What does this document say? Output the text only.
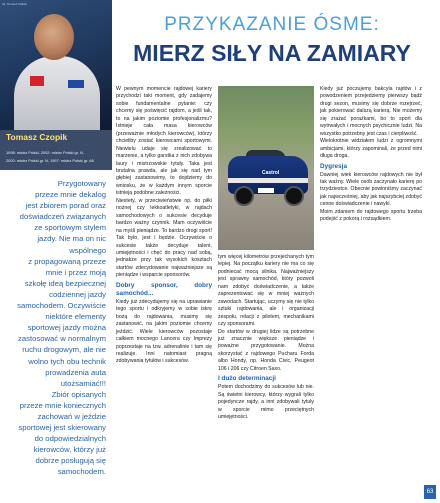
fot. Tomasz Kaliski
Tomasz Czopik
1998: mistrz Polski, 2002: mistrz Polski gr. N,
2000: mistrz Polski gr. N, 1997: mistrz Polski gr. A6
Przygotowany
przeze mnie dekalog
jest zbiorem porad oraz
doświadczeń związanych
ze sportowym stylem
jazdy. Nie ma on nic
wspólnego
z propagowaną przeze
mnie i przez moją
szkołę ideą bezpiecznej
codziennej jazdy
samochodem. Oczywiście
niektóre elementy
sportowej jazdy można
zastosować w normalnym
ruchu drogowym, ale nie
wolno tych obu technik
prowadzenia auta
utożsamiać!!!
Zbiór opisanych
przeze mnie koniecznych
zachowań w jeździe
sportowej jest skierowany
do odpowiedzialnych
kierowców, którzy już
dobrze posługują się
samochodem.
PRZYKAZANIE ÓSME:
MIERZ SIŁY NA ZAMIARY

W pewnym momencie rajdowej kariery przychodzi taki moment, gdy zadajemy sobie fundamentalne pytanie: czy chcemy się poświęcić rajdom, a jeśli tak, to na jakim poziomie profesjonalizmu? Istnieje cała masa kierowców (przeważnie młodych kierowców), którzy chcieliby zostać kierowcami sportowymi. Niewielu udaje się zrealizować to marzenie, a tylko garstka z nich zdobywa laury i mistrzowskie tytuły. Taka jest brutalna prawda, ale jak się nad tym głębiej zastanowimy, to dojdziemy do wniosku, że w każdym innym sporcie istnieją podobne zależności.

Niestety, w przeciwieństwie np. do piłki nożnej czy lekkoatletyki, w rajdach samochodowych o sukcesie decyduje bardzo ważny czynnik. Mam oczywiście na myśli pieniądze. To bardzo drogi sport! Tak było, jest i będzie. Oczywiście o sukcesie także decyduje talent, umiejętności i chęć do pracy nad sobą, jednakże przy tak wysokich kosztach startów zdecydowanie najważniejsze są pieniądze i wsparcie sponsorów.

Dobry sponsor, dobry samochód...

Kiedy już zdecydujemy się na uprawianie tego sportu i odkryjemy w sobie iskrę bożą do rajdowania, musimy się zastanowić, na jakim poziomie chcemy jeździć. Wiele kierowców pozostaje całkiem mocnego Lancera czy Imprezy poprzestaje na tzw. adrenalinie i tam się realizuje. Inni natomiast pragną zdobywania tytułów i sukcesów.

Castrol

tym więcej kilometrów przejechanych tym lepiej. Na początku kariery nie ma co się podniecać mocą silnika. Najważniejszy jest sprawny samochód, który pozwoli nam zdobyć doświadczenie, a także zaprezentować się w mniej ważnych zawodach. Startując, uczymy się nie tylko sztuki rajdowania, ale i organizacji zespołu, relacji z pilotem, mechanikami czy sponsorami.

Do startów w drugiej lidze są potrzebne już znacznie większe pieniądze i poważne przygotowanie. Można skorzystać z rajdowego Pucharu Forda albo Hondy, np. Honda Civic, Peugeot 106 i 206 czy Citroen Saxo.

I dużo determinacji

Potem dochodzimy do sukcesów lub nie. Są świetni kierowcy, którzy wygrali tylko pojedyncze rajdy, a inni zdobywali tytuły w sporcie mimo przeciętnych umiejętności.

Kiedy już poczujemy bakcyla rajdów i z powodzeniem przejedziemy pierwszy bądź drugi sezon, musimy się dobrze rozejrzeć, jak pokierować dalszą karierą. Nie możemy się zrażać porażkami, bo to sport dla wytrwałych i mocnych psychicznie ludzi. Na wszystko potrzebny jest czas i cierpliwość.

Wielokrotnie widziałem ludzi z ogromnymi ambicjami, którzy zapominali, że przed nimi długa droga.

Dygresja

Dawniej wiek kierowców rajdowych nie był tak ważny. Wiele osób zaczynało karierę po trzydziestce. Obecnie powinniśmy zaczynać jak najwcześniej, aby jak najszybciej zdobyć cenne doświadczenie i nawyki.

Moim zdaniem do rajdowego sportu trzeba podejść z pokorą i rozsądkiem.

63
